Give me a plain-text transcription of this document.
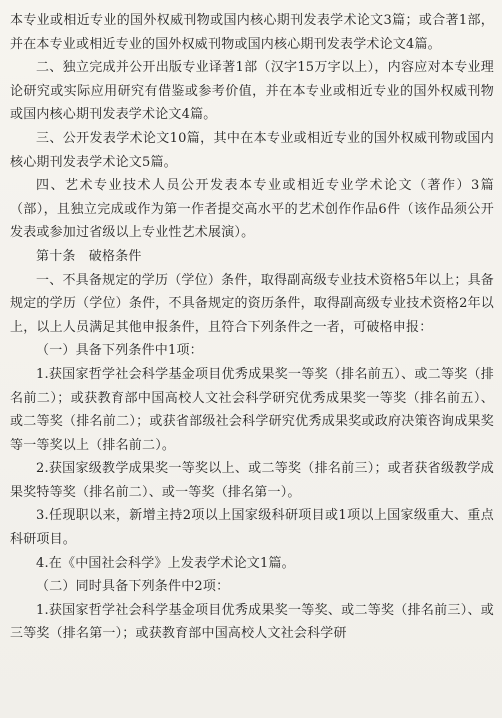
本专业或相近专业的国外权威刊物或国内核心期刊发表学术论文3篇；或合著1部，并在本专业或相近专业的国外权威刊物或国内核心期刊发表学术论文4篇。

二、独立完成并公开出版专业译著1部（汉字15万字以上），内容应对本专业理论研究或实际应用研究有借鉴或参考价值，并在本专业或相近专业的国外权威刊物或国内核心期刊发表学术论文4篇。

三、公开发表学术论文10篇，其中在本专业或相近专业的国外权威刊物或国内核心期刊发表学术论文5篇。

四、艺术专业技术人员公开发表本专业或相近专业学术论文（著作）3篇（部），且独立完成或作为第一作者提交高水平的艺术创作作品6件（该作品须公开发表或参加过省级以上专业性艺术展演）。

第十条　破格条件

一、不具备规定的学历（学位）条件，取得副高级专业技术资格5年以上；具备规定的学历（学位）条件，不具备规定的资历条件，取得副高级专业技术资格2年以上，以上人员满足其他申报条件，且符合下列条件之一者，可破格申报：

（一）具备下列条件中1项：

1.获国家哲学社会科学基金项目优秀成果奖一等奖（排名前五）、或二等奖（排名前二）；或获教育部中国高校人文社会科学研究优秀成果奖一等奖（排名前五）、或二等奖（排名前二）；或获省部级社会科学研究优秀成果奖或政府决策咨询成果奖等一等奖以上（排名前二）。

2.获国家级教学成果奖一等奖以上、或二等奖（排名前三）；或者获省级教学成果奖特等奖（排名前二）、或一等奖（排名第一）。

3.任现职以来，新增主持2项以上国家级科研项目或1项以上国家级重大、重点科研项目。

4.在《中国社会科学》上发表学术论文1篇。

（二）同时具备下列条件中2项：

1.获国家哲学社会科学基金项目优秀成果奖一等奖、或二等奖（排名前三）、或三等奖（排名第一）；或获教育部中国高校人文社会科学研
